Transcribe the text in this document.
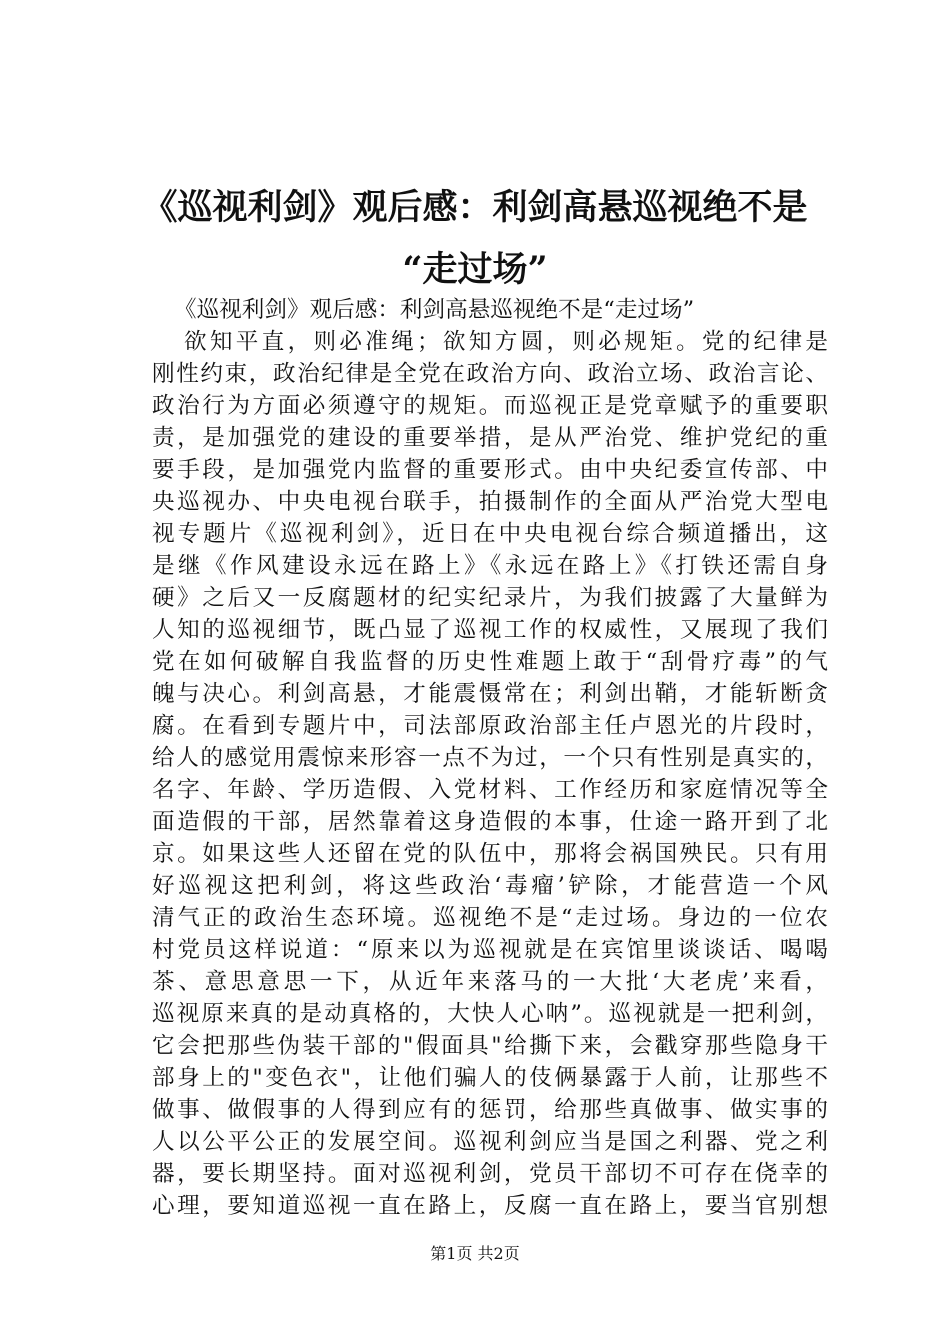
《巡视利剑》观后感：利剑高悬巡视绝不是
“走过场”
《巡视利剑》观后感：利剑高悬巡视绝不是“走过场”
欲知平直，则必准绳；欲知方圆，则必规矩。党的纪律是
刚性约束，政治纪律是全党在政治方向、政治立场、政治言论、
政治行为方面必须遵守的规矩。而巡视正是党章赋予的重要职
责，是加强党的建设的重要举措，是从严治党、维护党纪的重
要手段，是加强党内监督的重要形式。由中央纪委宣传部、中
央巡视办、中央电视台联手，拍摄制作的全面从严治党大型电
视专题片《巡视利剑》，近日在中央电视台综合频道播出，这
是继《作风建设永远在路上》《永远在路上》《打铁还需自身
硬》之后又一反腐题材的纪实纪录片，为我们披露了大量鲜为
人知的巡视细节，既凸显了巡视工作的权威性，又展现了我们
党在如何破解自我监督的历史性难题上敢于“刮骨疗毒”的气
魄与决心。利剑高悬，才能震慑常在；利剑出鞘，才能斩断贪
腐。在看到专题片中，司法部原政治部主任卢恩光的片段时，
给人的感觉用震惊来形容一点不为过，一个只有性别是真实的，
名字、年龄、学历造假、入党材料、工作经历和家庭情况等全
面造假的干部，居然靠着这身造假的本事，仕途一路开到了北
京。如果这些人还留在党的队伍中，那将会祸国殃民。只有用
好巡视这把利剑，将这些政治‘毒瘤’铲除，才能营造一个风
清气正的政治生态环境。巡视绝不是“走过场。身边的一位农
村党员这样说道：“原来以为巡视就是在宾馆里谈谈话、喝喝
茶、意思意思一下，从近年来落马的一大批‘大老虎’来看，
巡视原来真的是动真格的，大快人心呐”。巡视就是一把利剑，
它会把那些伪装干部的"假面具"给撕下来，会戳穿那些隐身干
部身上的"变色衣"，让他们骗人的伎俩暴露于人前，让那些不
做事、做假事的人得到应有的惩罚，给那些真做事、做实事的
人以公平公正的发展空间。巡视利剑应当是国之利器、党之利
器，要长期坚持。面对巡视利剑，党员干部切不可存在侥幸的
心理，要知道巡视一直在路上，反腐一直在路上，要当官别想
第1页 共2页
